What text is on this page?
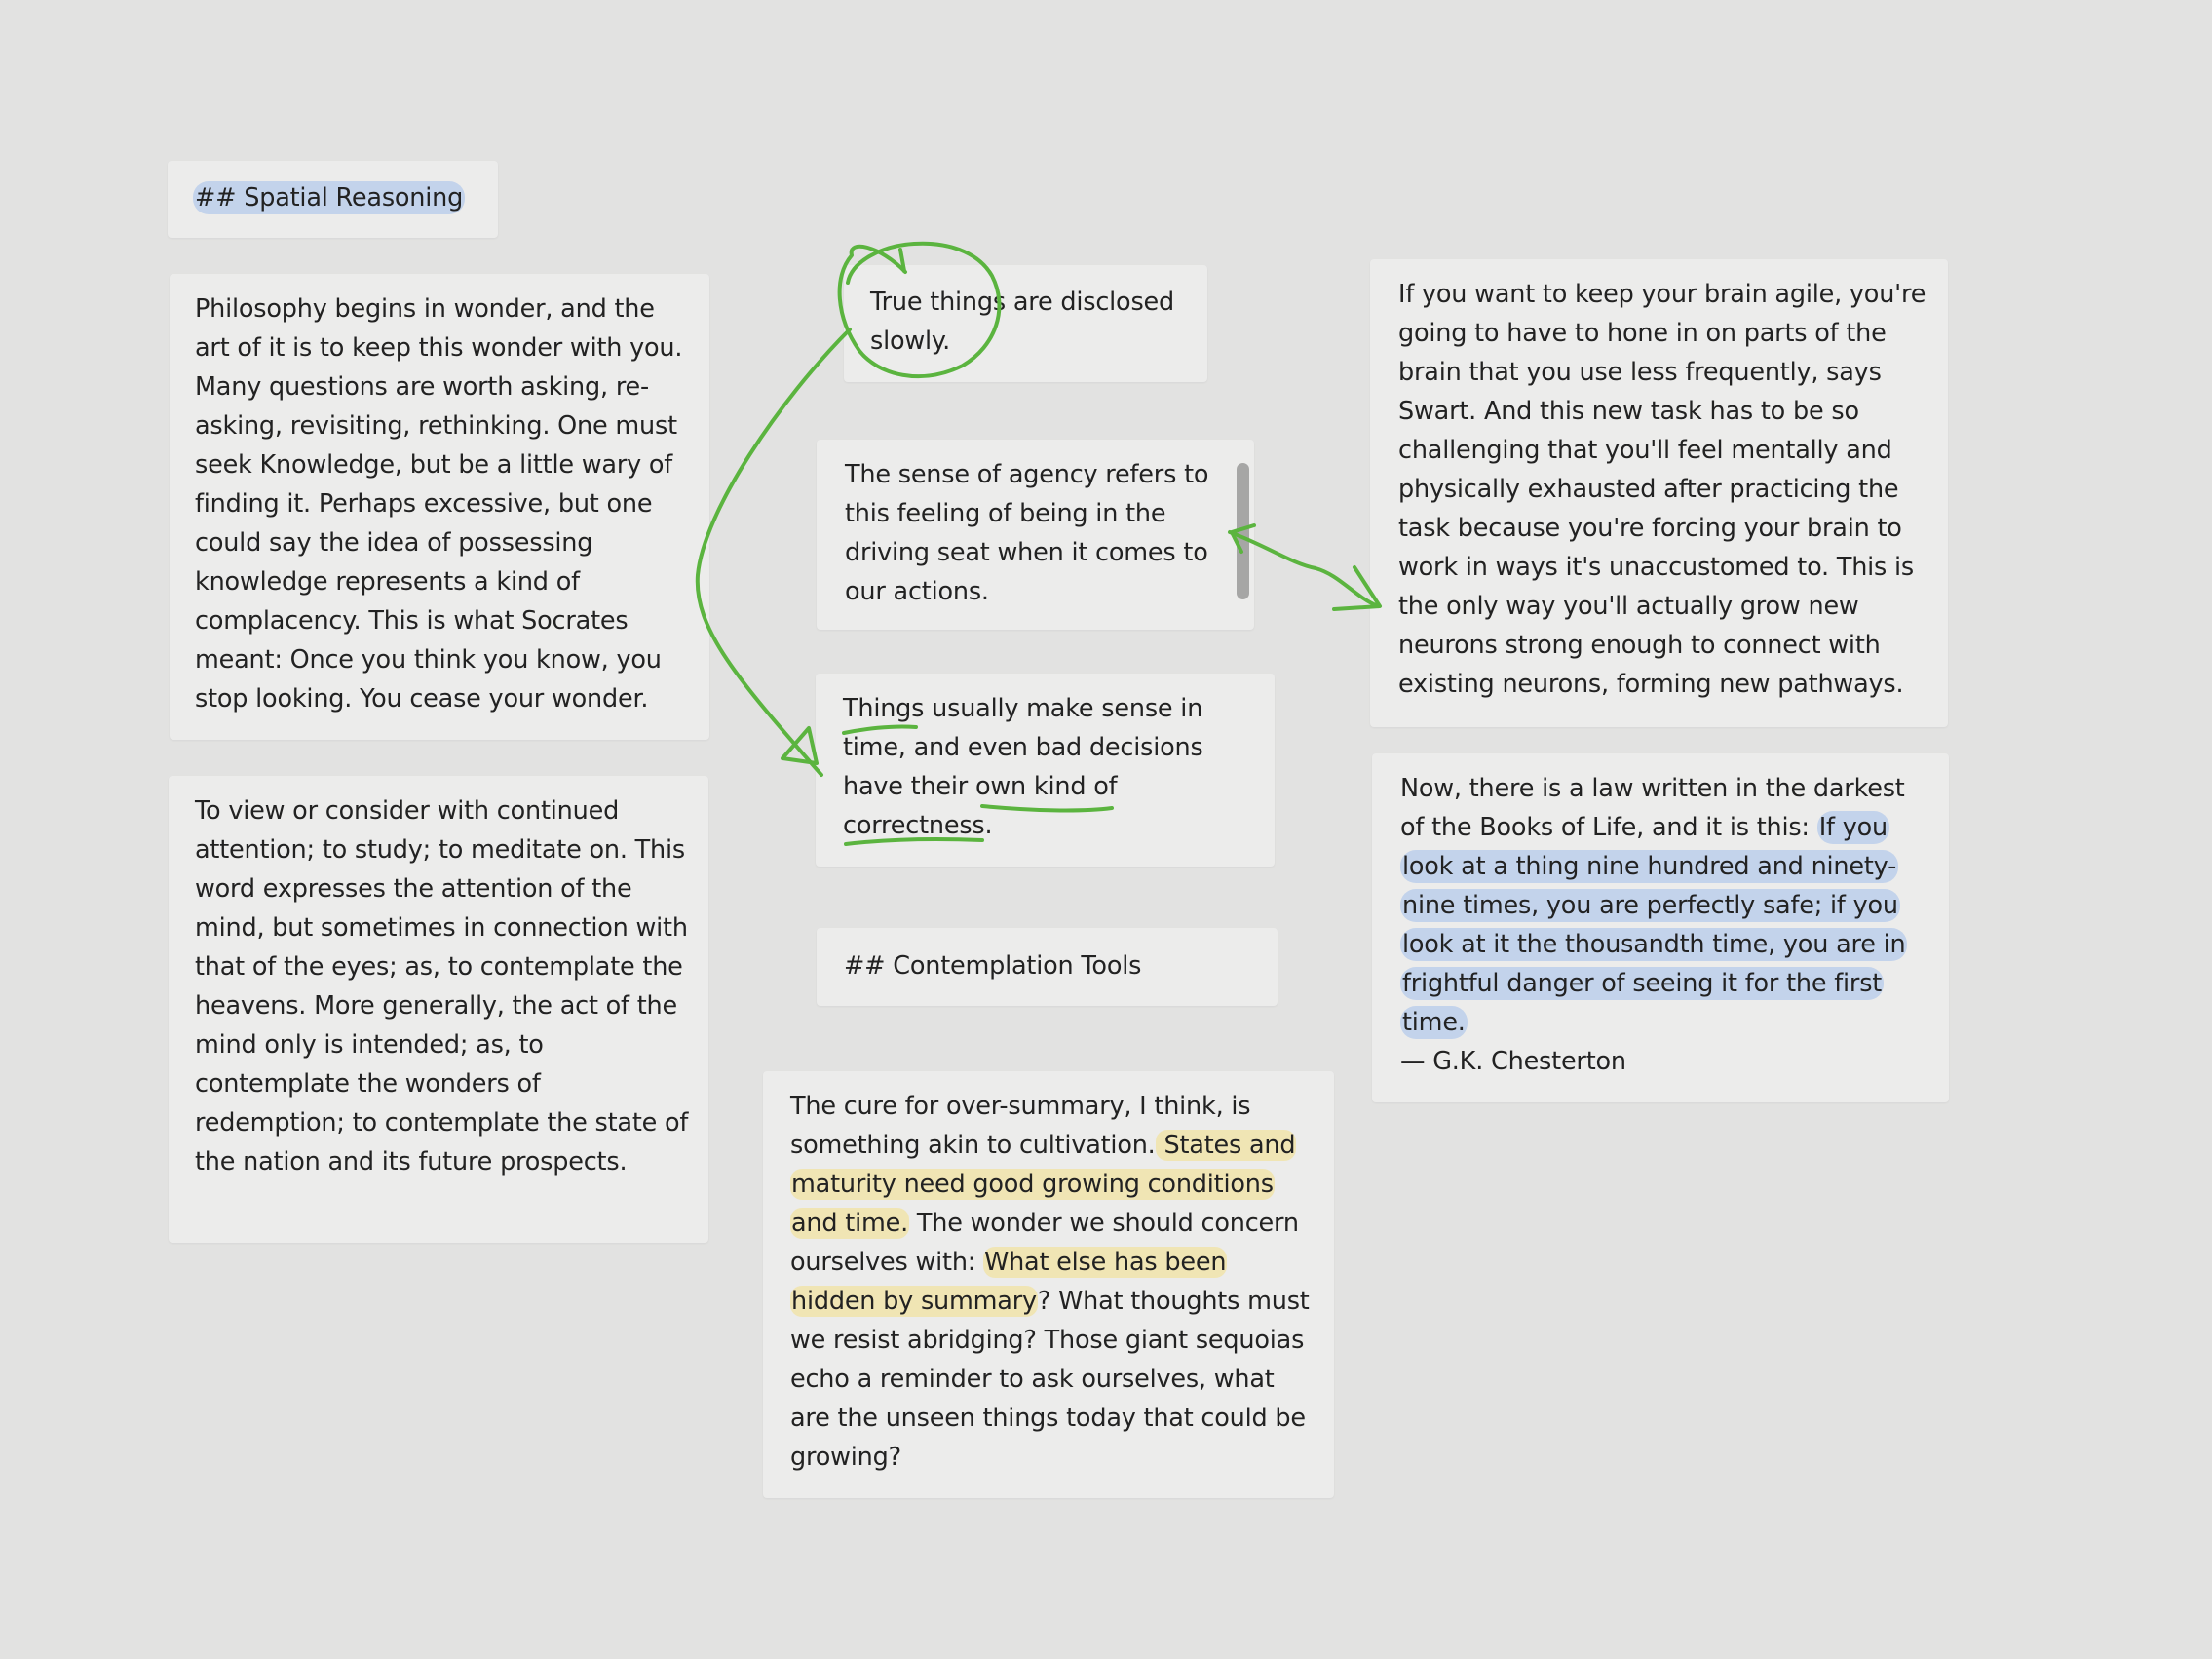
## Spatial Reasoning

Philosophy begins in wonder, and the art of it is to keep this wonder with you. Many questions are worth asking, re-asking, revisiting, rethinking. One must seek Knowledge, but be a little wary of finding it. Perhaps excessive, but one could say the idea of possessing knowledge represents a kind of complacency. This is what Socrates meant: Once you think you know, you stop looking. You cease your wonder.

To view or consider with continued attention; to study; to meditate on. This word expresses the attention of the mind, but sometimes in connection with that of the eyes; as, to contemplate the heavens. More generally, the act of the mind only is intended; as, to contemplate the wonders of redemption; to contemplate the state of the nation and its future prospects.

True things are disclosed slowly.

The sense of agency refers to this feeling of being in the driving seat when it comes to our actions.

Things usually make sense in time, and even bad decisions have their own kind of correctness.

## Contemplation Tools

The cure for over-summary, I think, is something akin to cultivation. States and maturity need good growing conditions and time. The wonder we should concern ourselves with: What else has been hidden by summary? What thoughts must we resist abridging? Those giant sequoias echo a reminder to ask ourselves, what are the unseen things today that could be growing?

If you want to keep your brain agile, you're going to have to hone in on parts of the brain that you use less frequently, says Swart. And this new task has to be so challenging that you'll feel mentally and physically exhausted after practicing the task because you're forcing your brain to work in ways it's unaccustomed to. This is the only way you'll actually grow new neurons strong enough to connect with existing neurons, forming new pathways.

Now, there is a law written in the darkest of the Books of Life, and it is this: If you look at a thing nine hundred and ninety-nine times, you are perfectly safe; if you look at it the thousandth time, you are in frightful danger of seeing it for the first time.

— G.K. Chesterton
